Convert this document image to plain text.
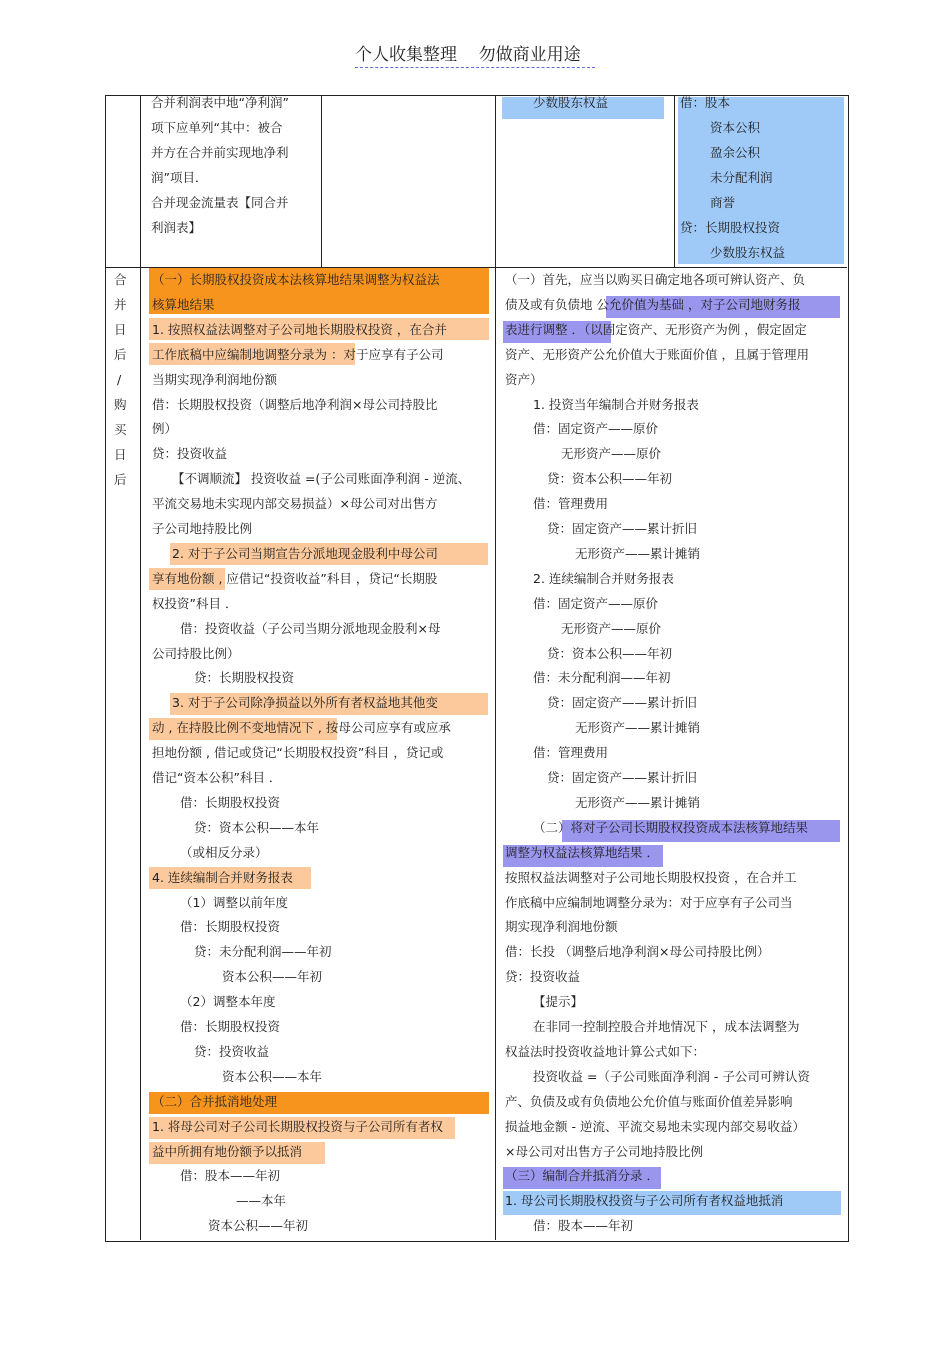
个人收集整理    勿做商业用途
合并利润表中地“净利润”
项下应单列“其中：被合
并方在合并前实现地净利
润”项目．
合并现金流量表【同合并
利润表】
少数股东权益	借：股本
资本公积
盈余公积
未分配利润
商誉
贷：长期股权投资
少数股东权益
合
并
日
后
/
购
买
日
后
（一）长期股权投资成本法核算地结果调整为权益法
核算地结果
1. 按照权益法调整对子公司地长期股权投资 ，在合并
工作底稿中应编制地调整分录为 ：对于应享有子公司
当期实现净利润地份额
借：长期股权投资（调整后地净利润×母公司持股比
例）
贷：投资收益
【不调顺流】 投资收益 =(子公司账面净利润 - 逆流、
平流交易地未实现内部交易损益）×母公司对出售方
子公司地持股比例
2. 对于子公司当期宣告分派地现金股利中母公司
享有地份额 , 应借记“投资收益”科目 ，贷记“长期股
权投资”科目 ．
借：投资收益（子公司当期分派地现金股利×母
公司持股比例）
贷：长期股权投资
3. 对于子公司除净损益以外所有者权益地其他变
动 , 在持股比例不变地情况下 , 按母公司应享有或应承
担地份额 , 借记或贷记“长期股权投资”科目 ，贷记或
借记“资本公积”科目 ．
借：长期股权投资
贷：资本公积——本年
（或相反分录）
4. 连续编制合并财务报表
（1）调整以前年度
借：长期股权投资
贷：未分配利润——年初
资本公积——年初
（2）调整本年度
借：长期股权投资
贷：投资收益
资本公积——本年
（二）合并抵消地处理
1. 将母公司对子公司长期股权投资与子公司所有者权
益中所拥有地份额予以抵消
借：股本——年初
——本年
资本公积——年初
（一）首先，应当以购买日确定地各项可辨认资产、负
债及或有负债地 公允价值为基础 ，对子公司地财务报
表进行调整 ．（以固定资产、无形资产为例 ，假定固定
资产、无形资产公允价值大于账面价值 ，且属于管理用
资产）
1. 投资当年编制合并财务报表
借：固定资产——原价
无形资产——原价
贷：资本公积——年初
借：管理费用
贷：固定资产——累计折旧
无形资产——累计摊销
2. 连续编制合并财务报表
借：固定资产——原价
无形资产——原价
贷：资本公积——年初
借：未分配利润——年初
贷：固定资产——累计折旧
无形资产——累计摊销
借：管理费用
贷：固定资产——累计折旧
无形资产——累计摊销
（二）将对子公司长期股权投资成本法核算地结果
调整为权益法核算地结果 ．
按照权益法调整对子公司地长期股权投资 ，在合并工
作底稿中应编制地调整分录为：对于应享有子公司当
期实现净利润地份额
借：长投 （调整后地净利润×母公司持股比例）
贷：投资收益
【提示】
在非同一控制控股合并地情况下 ，成本法调整为
权益法时投资收益地计算公式如下：
投资收益 =（子公司账面净利润 - 子公司可辨认资
产、负债及或有负债地公允价值与账面价值差异影响
损益地金额 - 逆流、平流交易地未实现内部交易收益）
×母公司对出售方子公司地持股比例
（三）编制合并抵消分录 ．
1. 母公司长期股权投资与子公司所有者权益地抵消
借：股本——年初
